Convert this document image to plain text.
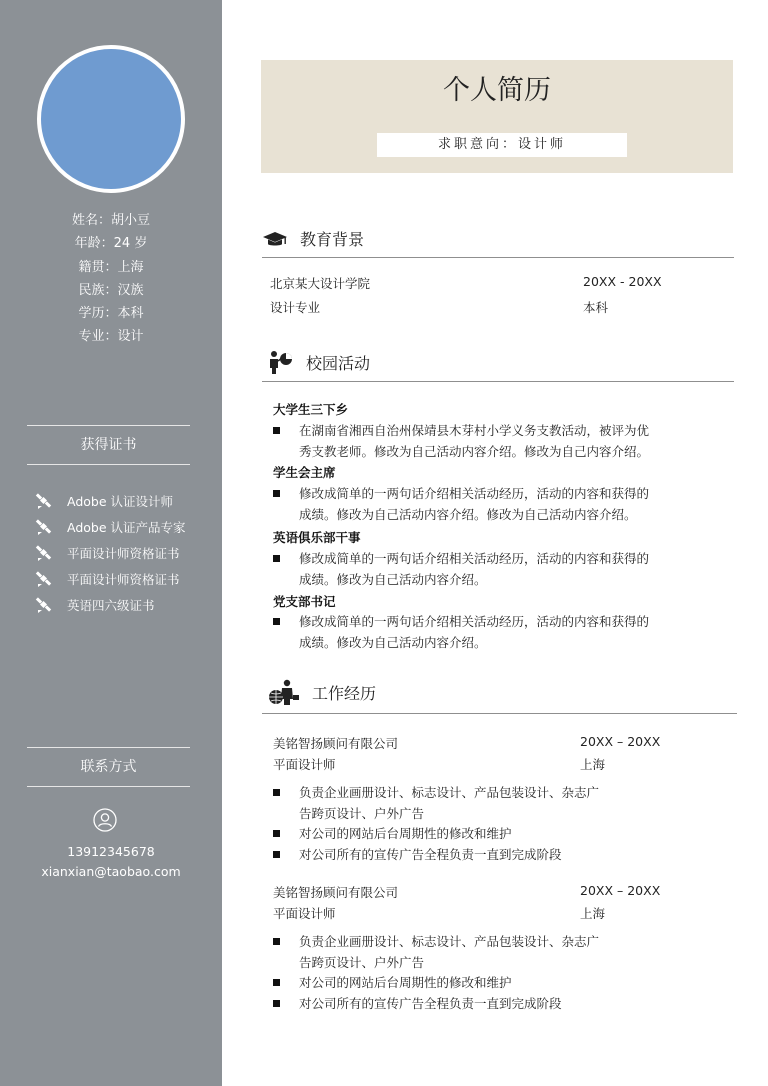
姓名：胡小豆
年龄：24 岁
籍贯：上海
民族：汉族
学历：本科
专业：设计
获得证书
Adobe 认证设计师
Adobe 认证产品专家
平面设计师资格证书
平面设计师资格证书
英语四六级证书
联系方式
13912345678
xianxian@taobao.com
个人简历
求职意向：设计师
教育背景
北京某大设计学院	20XX - 20XX
设计专业	本科
校园活动
大学生三下乡
在湖南省湘西自治州保靖县木芽村小学义务支教活动，被评为优
秀支教老师。修改为自己活动内容介绍。修改为自己内容介绍。
学生会主席
修改成简单的一两句话介绍相关活动经历，活动的内容和获得的
成绩。修改为自己活动内容介绍。修改为自己活动内容介绍。
英语俱乐部干事
修改成简单的一两句话介绍相关活动经历，活动的内容和获得的
成绩。修改为自己活动内容介绍。
党支部书记
修改成简单的一两句话介绍相关活动经历，活动的内容和获得的
成绩。修改为自己活动内容介绍。
工作经历
美铭智扬顾问有限公司	20XX – 20XX
平面设计师	上海
负责企业画册设计、标志设计、产品包装设计、杂志广
告跨页设计、户外广告
对公司的网站后台周期性的修改和维护
对公司所有的宣传广告全程负责一直到完成阶段
美铭智扬顾问有限公司	20XX – 20XX
平面设计师	上海
负责企业画册设计、标志设计、产品包装设计、杂志广
告跨页设计、户外广告
对公司的网站后台周期性的修改和维护
对公司所有的宣传广告全程负责一直到完成阶段
